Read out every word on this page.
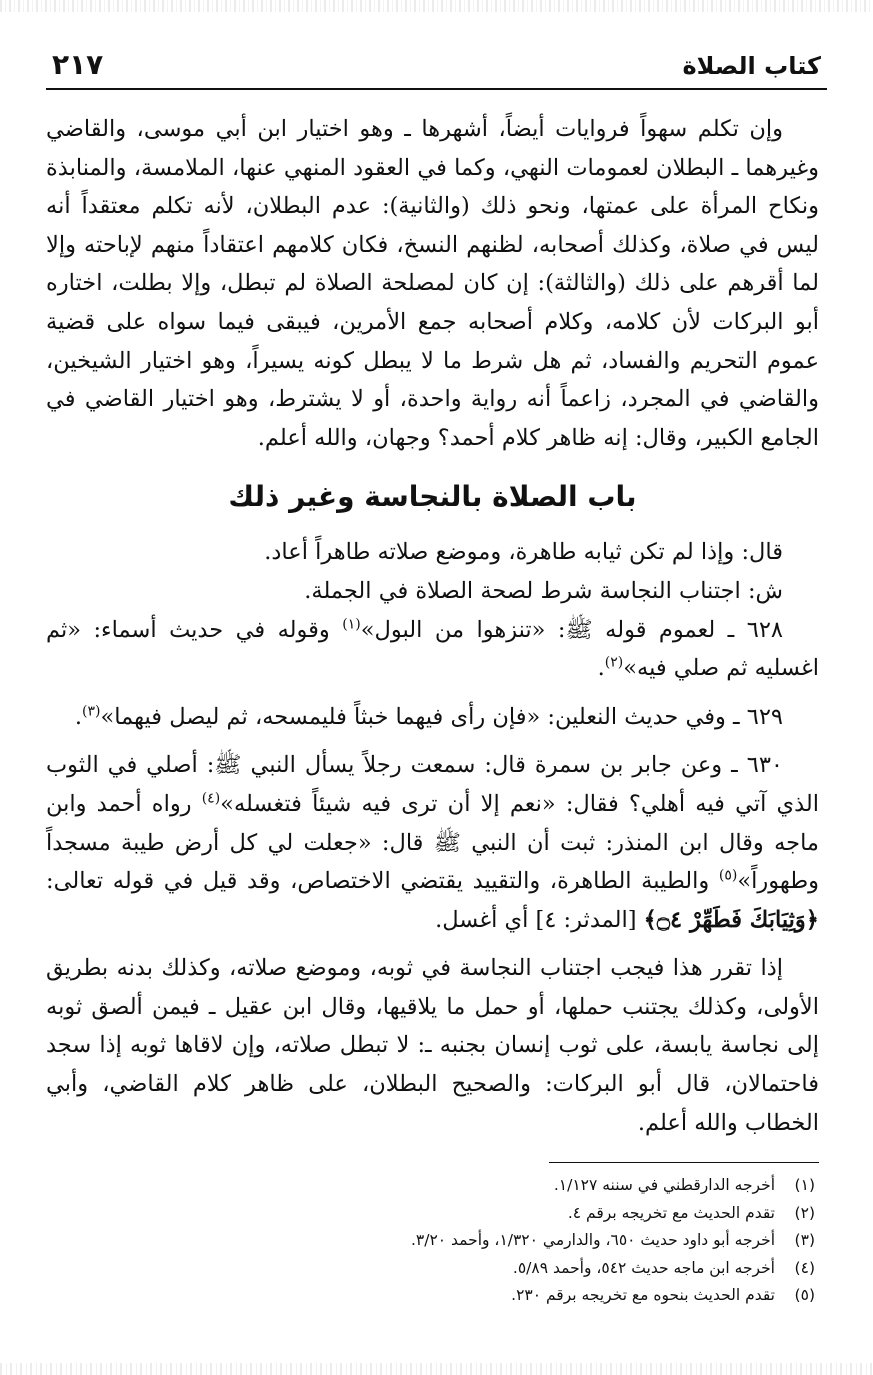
كتاب الصلاة
٢١٧

وإن تكلم سهواً فروايات أيضاً، أشهرها ـ وهو اختيار ابن أبي موسى، والقاضي وغيرهما ـ البطلان لعمومات النهي، وكما في العقود المنهي عنها، الملامسة، والمنابذة ونكاح المرأة على عمتها، ونحو ذلك (والثانية): عدم البطلان، لأنه تكلم معتقداً أنه ليس في صلاة، وكذلك أصحابه، لظنهم النسخ، فكان كلامهم اعتقاداً منهم لإباحته وإلا لما أقرهم على ذلك (والثالثة): إن كان لمصلحة الصلاة لم تبطل، وإلا بطلت، اختاره أبو البركات لأن كلامه، وكلام أصحابه جمع الأمرين، فيبقى فيما سواه على قضية عموم التحريم والفساد، ثم هل شرط ما لا يبطل كونه يسيراً، وهو اختيار الشيخين، والقاضي في المجرد، زاعماً أنه رواية واحدة، أو لا يشترط، وهو اختيار القاضي في الجامع الكبير، وقال: إنه ظاهر كلام أحمد؟ وجهان، والله أعلم.

باب الصلاة بالنجاسة وغير ذلك

قال: وإذا لم تكن ثيابه طاهرة، وموضع صلاته طاهراً أعاد.

ش: اجتناب النجاسة شرط لصحة الصلاة في الجملة.

٦٢٨ ـ لعموم قوله ﷺ: «تنزهوا من البول»$^{(١)}$ وقوله في حديث أسماء: «ثم اغسليه ثم صلي فيه»$^{(٢)}$.

٦٢٩ ـ وفي حديث النعلين: «فإن رأى فيهما خبثاً فليمسحه، ثم ليصل فيهما»$^{(٣)}$.

٦٣٠ ـ وعن جابر بن سمرة قال: سمعت رجلاً يسأل النبي ﷺ: أصلي في الثوب الذي آتي فيه أهلي؟ فقال: «نعم إلا أن ترى فيه شيئاً فتغسله»$^{(٤)}$ رواه أحمد وابن ماجه وقال ابن المنذر: ثبت أن النبي ﷺ قال: «جعلت لي كل أرض طيبة مسجداً وطهوراً»$^{(٥)}$ والطيبة الطاهرة، والتقييد يقتضي الاختصاص، وقد قيل في قوله تعالى: ﴿وَثِيَابَكَ فَطَهِّرْ ۝٤﴾ [المدثر: ٤] أي أغسل.

إذا تقرر هذا فيجب اجتناب النجاسة في ثوبه، وموضع صلاته، وكذلك بدنه بطريق الأولى، وكذلك يجتنب حملها، أو حمل ما يلاقيها، وقال ابن عقيل ـ فيمن ألصق ثوبه إلى نجاسة يابسة، على ثوب إنسان بجنبه ـ: لا تبطل صلاته، وإن لاقاها ثوبه إذا سجد فاحتمالان، قال أبو البركات: والصحيح البطلان، على ظاهر كلام القاضي، وأبي الخطاب والله أعلم.

(١)أخرجه الدارقطني في سننه ١/١٢٧.
(٢)تقدم الحديث مع تخريجه برقم ٤.
(٣)أخرجه أبو داود حديث ٦٥٠، والدارمي ١/٣٢٠، وأحمد ٣/٢٠.
(٤)أخرجه ابن ماجه حديث ٥٤٢، وأحمد ٥/٨٩.
(٥)تقدم الحديث بنحوه مع تخريجه برقم ٢٣٠.
